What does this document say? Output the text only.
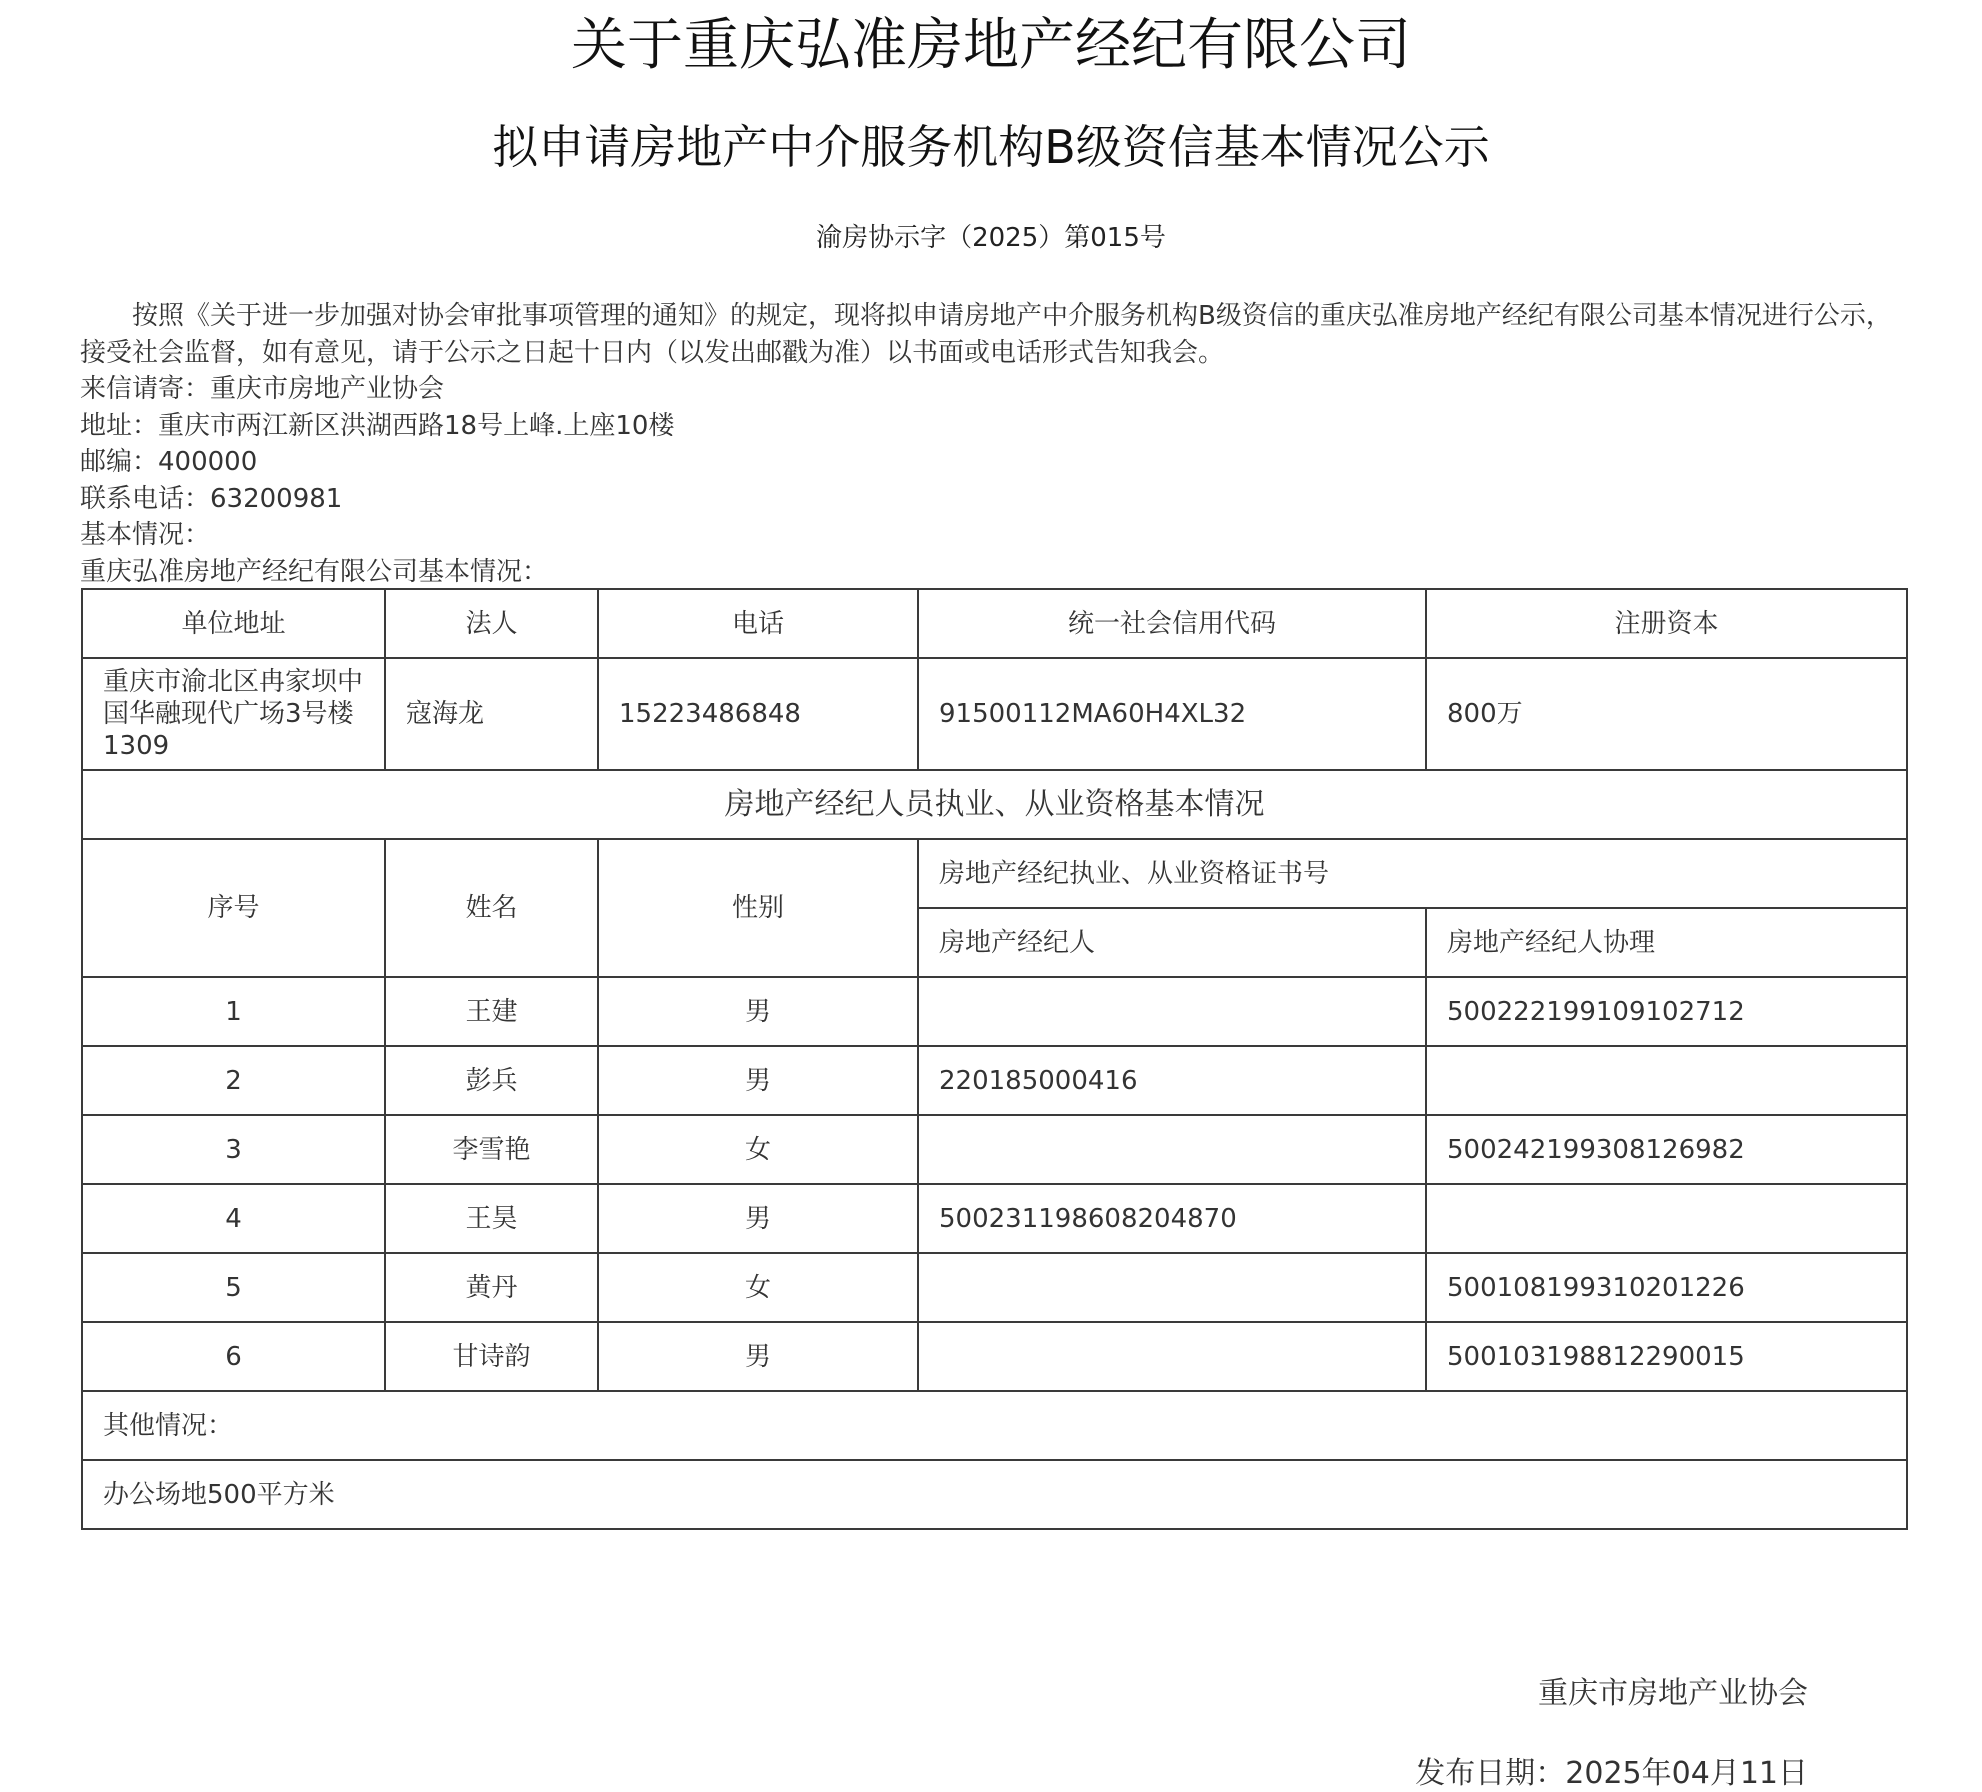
关于重庆弘准房地产经纪有限公司
拟申请房地产中介服务机构B级资信基本情况公示
渝房协示字（2025）第015号

按照《关于进一步加强对协会审批事项管理的通知》的规定，现将拟申请房地产中介服务机构B级资信的重庆弘准房地产经纪有限公司基本情况进行公示，接受社会监督，如有意见，请于公示之日起十日内（以发出邮戳为准）以书面或电话形式告知我会。

来信请寄：重庆市房地产业协会

地址：重庆市两江新区洪湖西路18号上峰.上座10楼

邮编：400000

联系电话：63200981

基本情况：

重庆弘准房地产经纪有限公司基本情况：

单位地址	法人	电话	统一社会信用代码	注册资本
重庆市渝北区冉家坝中国华融现代广场3号楼1309	寇海龙	15223486848	91500112MA60H4XL32	800万
房地产经纪人员执业、从业资格基本情况				
序号	姓名	性别	房地产经纪执业、从业资格证书号	
			房地产经纪人	房地产经纪人协理
1	王建	男		500222199109102712
2	彭兵	男	220185000416	
3	李雪艳	女		500242199308126982
4	王昊	男	500231198608204870	
5	黄丹	女		500108199310201226
6	甘诗韵	男		500103198812290015
其他情况：				
办公场地500平方米				
重庆市房地产业协会
发布日期：2025年04月11日
